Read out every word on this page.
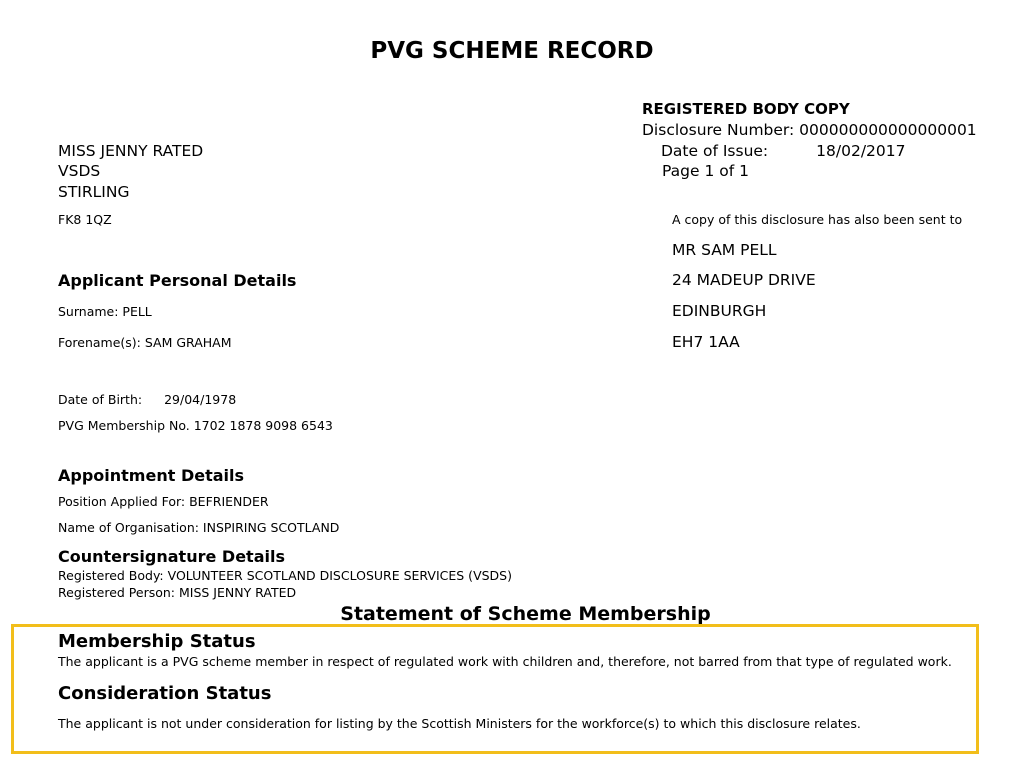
PVG SCHEME RECORD
REGISTERED BODY COPY
Disclosure Number: 000000000000000001
Date of Issue:	18/02/2017
Page 1 of 1
MISS JENNY RATED
VSDS
STIRLING
FK8 1QZ	A copy of this disclosure has also been sent to
MR SAM PELL
24 MADEUP DRIVE
EDINBURGH
EH7 1AA
Applicant Personal Details
Surname: PELL
Forename(s): SAM GRAHAM
Date of Birth: 29/04/1978
PVG Membership No. 1702 1878 9098 6543
Appointment Details
Position Applied For: BEFRIENDER
Name of Organisation: INSPIRING SCOTLAND
Countersignature Details
Registered Body: VOLUNTEER SCOTLAND DISCLOSURE SERVICES (VSDS)
Registered Person: MISS JENNY RATED
Statement of Scheme Membership
Membership Status
The applicant is a PVG scheme member in respect of regulated work with children and, therefore, not barred from that type of regulated work.
Consideration Status
The applicant is not under consideration for listing by the Scottish Ministers for the workforce(s) to which this disclosure relates.
